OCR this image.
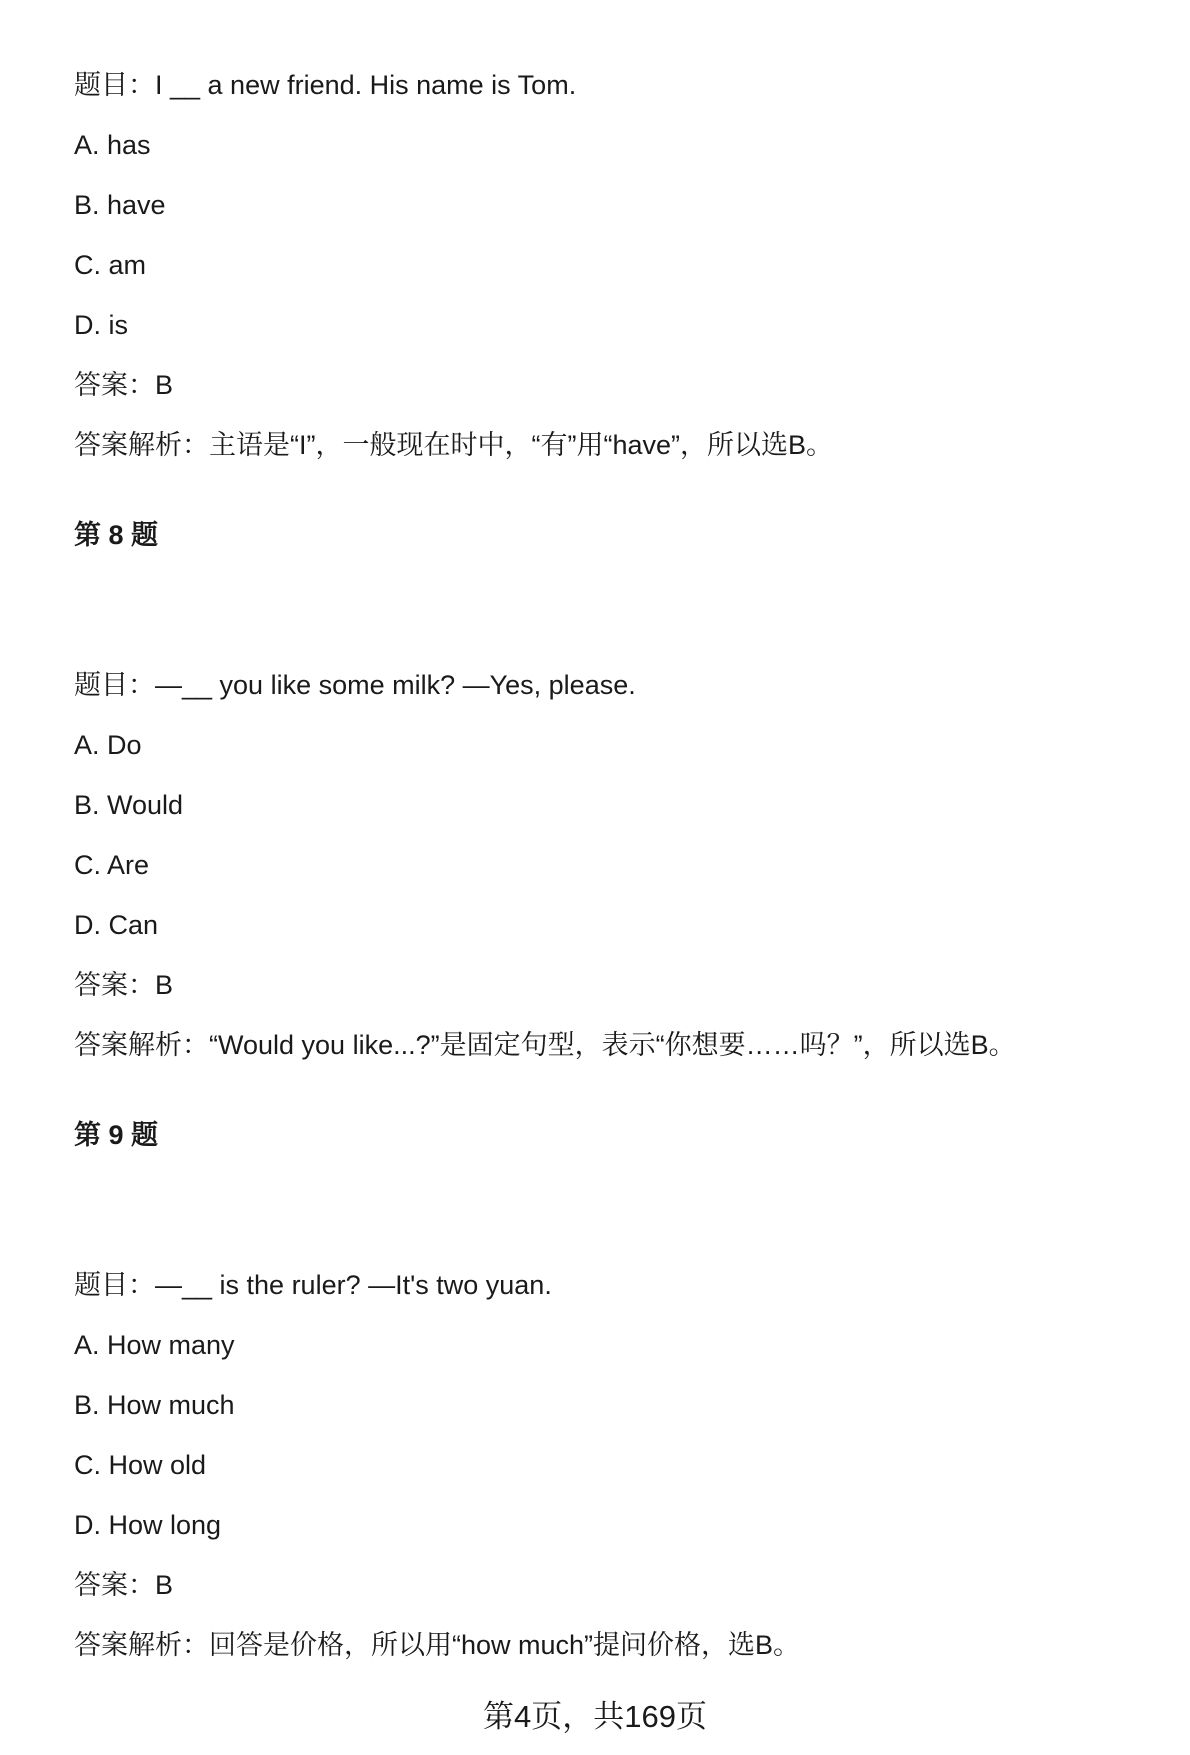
题目：I __ a new friend. His name is Tom.
A. has
B. have
C. am
D. is
答案：B
答案解析：主语是“I”，一般现在时中，“有”用“have”，所以选B。
第 8 题
题目：—__ you like some milk? —Yes, please.
A. Do
B. Would
C. Are
D. Can
答案：B
答案解析：“Would you like...?”是固定句型，表示“你想要……吗？”，所以选B。
第 9 题
题目：—__ is the ruler? —It's two yuan.
A. How many
B. How much
C. How old
D. How long
答案：B
答案解析：回答是价格，所以用“how much”提问价格，选B。
第4页，共169页
